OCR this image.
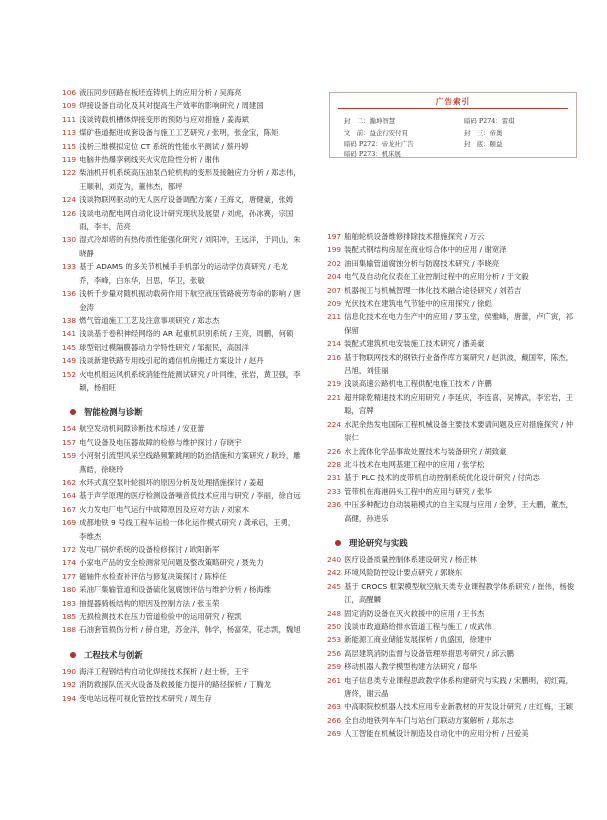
广告索引
封　二：瀚坤智慧	暗码 P274：雷琪
文　前：益企行安付頁	封　三：帝奥
暗码 P272：帝龙社广告	封　底：颐益
暗码 P273：机床展
106 液压同步回路在板坯连铸机上的应用分析 / 吴海亮
109 焊接设备自动化及其对提高生产效率的影响研究 / 周建国
111 浅谈铸载机槽体焊接变形的预防与应对措施 / 姜海斌
113 煤矿巷道掘进成套设备与施工工艺研究 / 张明，张金宝，陈矩
115 浅析三维模拟定位 CT 系统的性能水平测试 / 蔡丹婷
119 电脑井热爆孪刺线夹火灾危险性分析 / 谢伟
122 柴油机开机系统高压油泵凸轮机构的变形及接触应力分析 / 郑志伟，王顺利，刘克为，董伟杰，都坪
124 浅谈物联网驱动的无人医疗设备调配方案 / 王海文，唐健豪，张姆
126 浅谈电动配电网自动化设计研究现状及展望 / 刘虎，孙冰赛，宗国雨，李丰，范亮
130 湿式冷却塔的有热传质性能强化研究 / 刘阳冲，王远洋，于同山，朱晓静
133 基于 ADAMS 的多关节机械手手机部分的运动学仿真研究 / 毛龙乔，李峰，白东华，吕思，华卫，张敏
136 浅析千步量对随机振动载荷作用下航空液压管路疲劳寿命的影响 / 唐金涛
138 燃气管道施工工艺及注意事项研究 / 郑志杰
141 浅谈基于卷积神经网络的 AR 起重机识别系统 / 王亮，周鹏，何硕
145 球型铝过模隔膜器动力学特性研究 / 邹振民，高国洋
149 浅谈新建铁路专用线引起的通信机房搬迁方案设计 / 赵丹
152 火电机组运风机系统消能性能测试研究 / 叶同维，张岩，黄卫强，李颖，杨祖旺
智能检测与诊断
154 航空发动机间隙诊断技术综述 / 安亚蕾
157 电气设备及电压器故障的检修与维护探讨 / 存晓宇
159 小河射引流型风采空线路频繁跳闸的防治措施和方案研究 / 耿玲，雕燕皓，徐晓玲
162 水环式真空泵叶轮损坏的原因分析及处理措施探讨 / 姜超
164 基于声学原理的医疗检测设备噪音低技术应用与研究 / 李丽，徐自远
167 火力发电厂电气运行中故障原因及应对方法 / 刘家木
169 成都地铁 9 号线工程车运检一体化运作模式研究 / 龚承启，王勇，李维杰
172 发电厂锅炉系统的设备检修探讨 / 欧阳新军
174 小家电产品的安全检测常见问题及整改策略研究 / 聂先力
177 磁轴件水检查补评估与修复决策探讨 / 陈梓任
180 采油厂集输管道和设备硫化氢腐蚀评估与维护分析 / 杨海维
183 抽提器骑板结构的原因及控制方法 / 张玉荣
185 无损检测技术在压力管道检验中的运用研究 / 程凯
188 石油套管损伤分析 / 薛自建，苏金洋，韩学，杨富荣，花志凯，魏旭
工程技术与创新
190 海洋工程钢结构自动化焊接技术探析 / 赵士桥，王宇
192 消防救援队伍灭火设备及救援能力提升的路径探析 / 丁腾龙
194 变电站远程可视化管控技术研究 / 周生存
197 船舶轮机设备维修排除技术措施探究 / 万云
199 装配式钢结构房屋在商业综合体中的应用 / 谢宽泽
202 油田集输管道腐蚀分析与防腐技术研究 / 李晓亮
204 电气及自动化仪表在工业控制过程中的应用分析 / 于文毅
207 机器视工与机械智理一体化技术融合途径研究 / 刘若吉
209 光伏技术在建筑电气节能中的应用探究 / 徐彪
211 信息化技术在电力生产中的应用 / 罗玉堂，侯雅峰，唐蕾，卢广寅，祁保留
214 装配式建筑机电安装施工技术研究 / 潘美豪
216 基于物联网技术的钢铁行业备件库方案研究 / 赵洪波，戴国军，陈杰，吕旭，刘佳丽
219 浅谈高速公路机电工程供配电施工技术 / 许鹏
221 超井除乾精速技术的应用研究 / 李延庆，李连喜，吴博武，李宏岩，王聪，宫牌
224 水泥余热发电国际工程机械设备主要技术要请问题及应对措施探究 / 仲崇仁
226 水上流体化学品事故处置技术与装备研究 / 胡致豪
228 北斗技术在电网基建工程中的应用 / 张学松
231 基于 PLC 技术的皮带机自动控制系统优化设计研究 / 付尚志
233 管带机在海港码头工程中的应用与研究 / 张华
236 中压多种配边自动装箱模式的自主实现与应用 / 金梦，王大鹏，董杰，高健，孙进乐
理论研究与实践
240 医疗设备质量控制体系建设研究 / 杨正林
242 环境风险防控设计要点研究 / 郭晓东
245 基于 CROCS 框架模型航空航天类专业课程教学体系研究 / 崔伟，杨俊江，高醒麟
248 固定消防设备在灭火救援中的应用 / 王书杰
250 浅谈市政道路给排水管道工程与施工 / 成武伟
253 新能源工商业储能发展探析 / 仇盛国，徐建中
256 高层建筑消防监督与设备管理举措思考研究 / 邱云鹏
259 移动机器人教学模型构建方法研究 / 邸华
261 电子信息类专业课程思政教学体系构建研究与实践 / 宋鹏明，初红霞，唐佟，谢云晶
263 中高职院校机器人技术应用专业新教材的开发设计研究 / 庄红梅，王颖
266 全自动地铁列车车门与站台门联动方案解析 / 郑东志
269 人工智能在机械设计制造及自动化中的应用分析 / 吕爱美
